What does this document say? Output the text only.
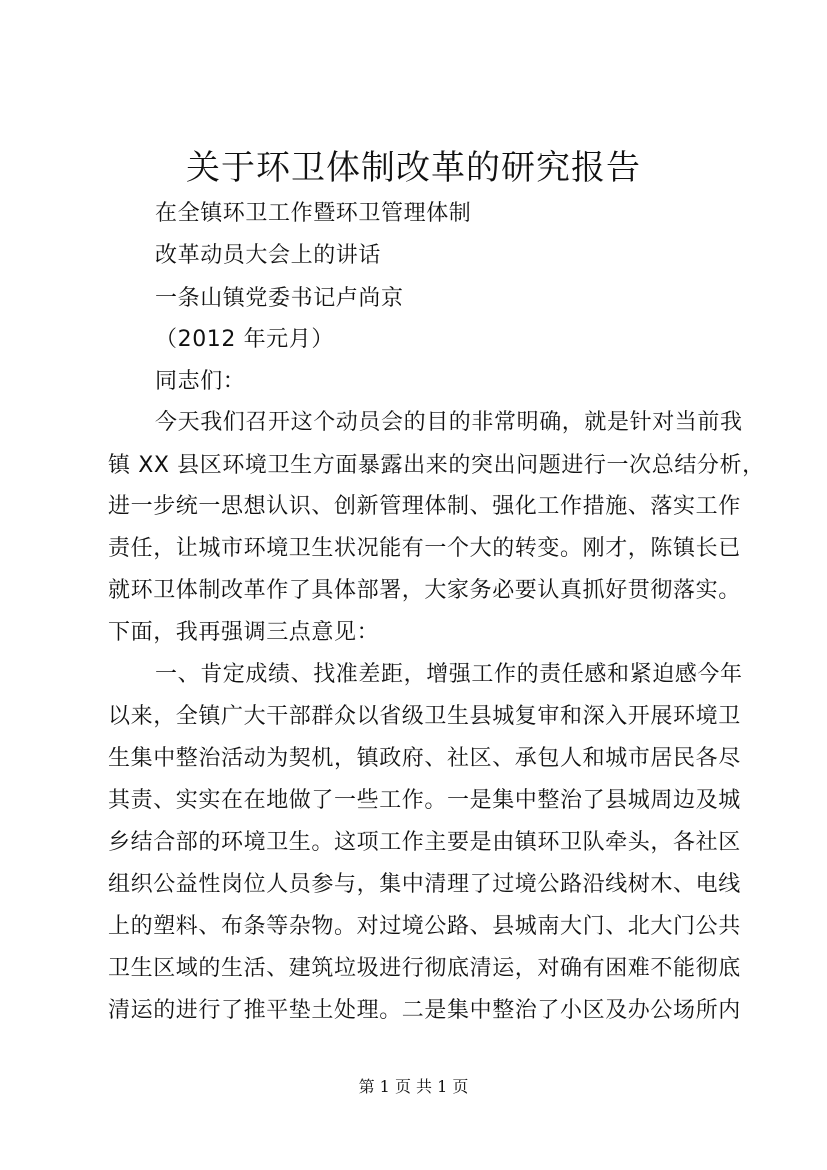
关于环卫体制改革的研究报告
在全镇环卫工作暨环卫管理体制
改革动员大会上的讲话
一条山镇党委书记卢尚京
（2012 年元月）
同志们：
今天我们召开这个动员会的目的非常明确，就是针对当前我
镇 XX 县区环境卫生方面暴露出来的突出问题进行一次总结分析，
进一步统一思想认识、创新管理体制、强化工作措施、落实工作
责任，让城市环境卫生状况能有一个大的转变。刚才，陈镇长已
就环卫体制改革作了具体部署，大家务必要认真抓好贯彻落实。
下面，我再强调三点意见：
一、肯定成绩、找准差距，增强工作的责任感和紧迫感今年
以来，全镇广大干部群众以省级卫生县城复审和深入开展环境卫
生集中整治活动为契机，镇政府、社区、承包人和城市居民各尽
其责、实实在在地做了一些工作。一是集中整治了县城周边及城
乡结合部的环境卫生。这项工作主要是由镇环卫队牵头，各社区
组织公益性岗位人员参与，集中清理了过境公路沿线树木、电线
上的塑料、布条等杂物。对过境公路、县城南大门、北大门公共
卫生区域的生活、建筑垃圾进行彻底清运，对确有困难不能彻底
清运的进行了推平垫土处理。二是集中整治了小区及办公场所内
第 1 页 共 1 页
